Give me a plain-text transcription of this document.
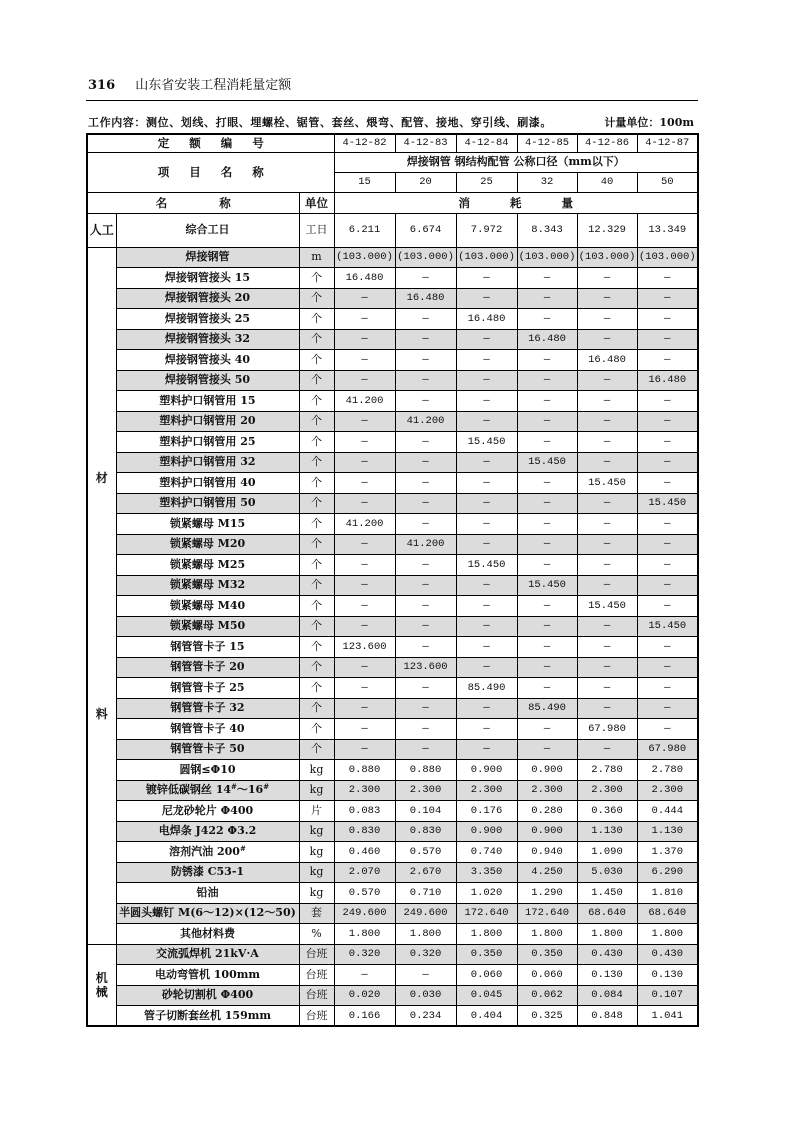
316 山东省安装工程消耗量定额
工作内容：测位、划线、打眼、埋螺栓、锯管、套丝、煨弯、配管、接地、穿引线、刷漆。	计量单位：100m
定 额 编 号			4-12-82	4-12-83	4-12-84	4-12-85	4-12-86	4-12-87
项 目 名 称			焊接钢管 钢结构配管 公称口径（mm以下）					
			15	20	25	32	40	50
名 称		单位	消 耗 量					
人工	综合工日	工日	6.211	6.674	7.972	8.343	12.329	13.349

材
料	焊接钢管	m	(103.000)	(103.000)	(103.000)	(103.000)	(103.000)	(103.000)
	焊接钢管接头 15	个	16.480	—	—	—	—	—
	焊接钢管接头 20	个	—	16.480	—	—	—	—
	焊接钢管接头 25	个	—	—	16.480	—	—	—
	焊接钢管接头 32	个	—	—	—	16.480	—	—
	焊接钢管接头 40	个	—	—	—	—	16.480	—
	焊接钢管接头 50	个	—	—	—	—	—	16.480
	塑料护口钢管用 15	个	41.200	—	—	—	—	—
	塑料护口钢管用 20	个	—	41.200	—	—	—	—
	塑料护口钢管用 25	个	—	—	15.450	—	—	—
	塑料护口钢管用 32	个	—	—	—	15.450	—	—
	塑料护口钢管用 40	个	—	—	—	—	15.450	—
	塑料护口钢管用 50	个	—	—	—	—	—	15.450
	锁紧螺母 M15	个	41.200	—	—	—	—	—
	锁紧螺母 M20	个	—	41.200	—	—	—	—
	锁紧螺母 M25	个	—	—	15.450	—	—	—
	锁紧螺母 M32	个	—	—	—	15.450	—	—
	锁紧螺母 M40	个	—	—	—	—	15.450	—
	锁紧螺母 M50	个	—	—	—	—	—	15.450
	钢管管卡子 15	个	123.600	—	—	—	—	—
	钢管管卡子 20	个	—	123.600	—	—	—	—
	钢管管卡子 25	个	—	—	85.490	—	—	—
	钢管管卡子 32	个	—	—	—	85.490	—	—
	钢管管卡子 40	个	—	—	—	—	67.980	—
	钢管管卡子 50	个	—	—	—	—	—	67.980
	圆钢≤Φ10	kg	0.880	0.880	0.900	0.900	2.780	2.780
	镀锌低碳钢丝 14#～16#	kg	2.300	2.300	2.300	2.300	2.300	2.300
	尼龙砂轮片 Φ400	片	0.083	0.104	0.176	0.280	0.360	0.444
	电焊条 J422 Φ3.2	kg	0.830	0.830	0.900	0.900	1.130	1.130
	溶剂汽油 200#	kg	0.460	0.570	0.740	0.940	1.090	1.370
	防锈漆 C53-1	kg	2.070	2.670	3.350	4.250	5.030	6.290
	铅油	kg	0.570	0.710	1.020	1.290	1.450	1.810
	半圆头螺钉 M(6～12)×(12～50)	套	249.600	249.600	172.640	172.640	68.640	68.640
	其他材料费	%	1.800	1.800	1.800	1.800	1.800	1.800

机
械	交流弧焊机 21kV·A	台班	0.320	0.320	0.350	0.350	0.430	0.430
	电动弯管机 100mm	台班	—	—	0.060	0.060	0.130	0.130
	砂轮切割机 Φ400	台班	0.020	0.030	0.045	0.062	0.084	0.107
	管子切断套丝机 159mm	台班	0.166	0.234	0.404	0.325	0.848	1.041
